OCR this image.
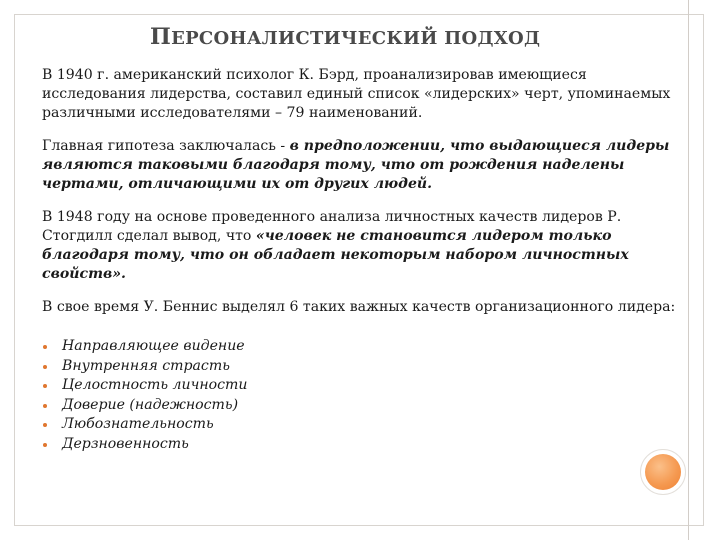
ПЕРСОНАЛИСТИЧЕСКИЙ ПОДХОД

В 1940 г. американский психолог К. Бэрд, проанализировав имеющиеся исследования лидерства, составил единый список «лидерских» черт, упоминаемых различными исследователями – 79 наименований.

Главная гипотеза заключалась - в предположении, что выдающиеся лидеры являются таковыми благодаря тому, что от рождения наделены чертами, отличающими их от других людей.

В 1948 году на основе проведенного анализа личностных качеств лидеров Р. Стогдилл сделал вывод, что «человек не становится лидером только благодаря тому, что он обладает некоторым набором личностных свойств».

В свое время У. Беннис выделял 6 таких важных качеств организационного лидера:

Направляющее видение
Внутренняя страсть
Целостность личности
Доверие (надежность)
Любознательность
Дерзновенность
